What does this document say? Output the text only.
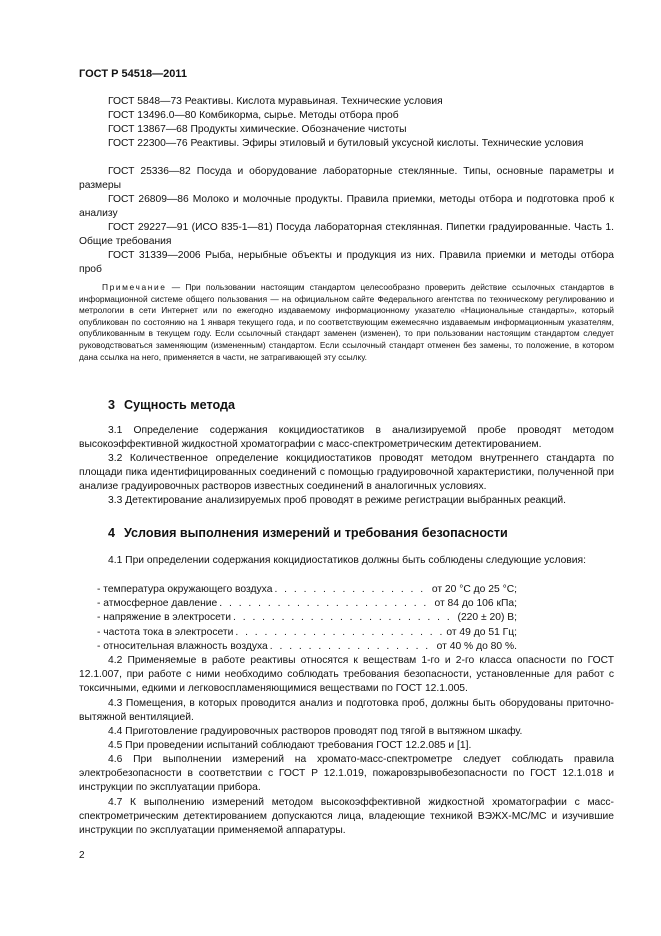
ГОСТ Р 54518—2011
ГОСТ 5848—73 Реактивы. Кислота муравьиная. Технические условия
ГОСТ 13496.0—80 Комбикорма, сырье. Методы отбора проб
ГОСТ 13867—68 Продукты химические. Обозначение чистоты
ГОСТ 22300—76 Реактивы. Эфиры этиловый и бутиловый уксусной кислоты. Технические условия
ГОСТ 25336—82 Посуда и оборудование лабораторные стеклянные. Типы, основные параметры и размеры
ГОСТ 26809—86 Молоко и молочные продукты. Правила приемки, методы отбора и подготовка проб к анализу
ГОСТ 29227—91 (ИСО 835-1—81) Посуда лабораторная стеклянная. Пипетки градуированные. Часть 1. Общие требования
ГОСТ 31339—2006 Рыба, нерыбные объекты и продукция из них. Правила приемки и методы отбора проб
Примечание — При пользовании настоящим стандартом целесообразно проверить действие ссылочных стандартов в информационной системе общего пользования — на официальном сайте Федерального агентства по техническому регулированию и метрологии в сети Интернет или по ежегодно издаваемому информационному указателю «Национальные стандарты», который опубликован по состоянию на 1 января текущего года, и по соответствующим ежемесячно издаваемым информационным указателям, опубликованным в текущем году. Если ссылочный стандарт заменен (изменен), то при пользовании настоящим стандартом следует руководствоваться заменяющим (измененным) стандартом. Если ссылочный стандарт отменен без замены, то положение, в котором дана ссылка на него, применяется в части, не затрагивающей эту ссылку.
3 Сущность метода
3.1 Определение содержания кокцидиостатиков в анализируемой пробе проводят методом высокоэффективной жидкостной хроматографии с масс-спектрометрическим детектированием.
3.2 Количественное определение кокцидиостатиков проводят методом внутреннего стандарта по площади пика идентифицированных соединений с помощью градуировочной характеристики, полученной при анализе градуировочных растворов известных соединений в аналогичных условиях.
3.3 Детектирование анализируемых проб проводят в режиме регистрации выбранных реакций.
4 Условия выполнения измерений и требования безопасности
4.1 При определении содержания кокцидиостатиков должны быть соблюдены следующие условия:
- температура окружающего воздуха . . .	от 20 °С до 25 °С;
- атмосферное давление . . .	от 84 до 106 кПа;
- напряжение в электросети . . .	(220 ± 20) В;
- частота тока в электросети . . .	от 49 до 51 Гц;
- относительная влажность воздуха . . .	от 40 % до 80 %.
4.2 Применяемые в работе реактивы относятся к веществам 1-го и 2-го класса опасности по ГОСТ 12.1.007, при работе с ними необходимо соблюдать требования безопасности, установленные для работ с токсичными, едкими и легковоспламеняющимися веществами по ГОСТ 12.1.005.
4.3 Помещения, в которых проводится анализ и подготовка проб, должны быть оборудованы приточно-вытяжной вентиляцией.
4.4 Приготовление градуировочных растворов проводят под тягой в вытяжном шкафу.
4.5 При проведении испытаний соблюдают требования ГОСТ 12.2.085 и [1].
4.6 При выполнении измерений на хромато-масс-спектрометре следует соблюдать правила электробезопасности в соответствии с ГОСТ Р 12.1.019, пожаровзрывобезопасности по ГОСТ 12.1.018 и инструкции по эксплуатации прибора.
4.7 К выполнению измерений методом высокоэффективной жидкостной хроматографии с масс-спектрометрическим детектированием допускаются лица, владеющие техникой ВЭЖХ-МС/МС и изучившие инструкции по эксплуатации применяемой аппаратуры.
2
